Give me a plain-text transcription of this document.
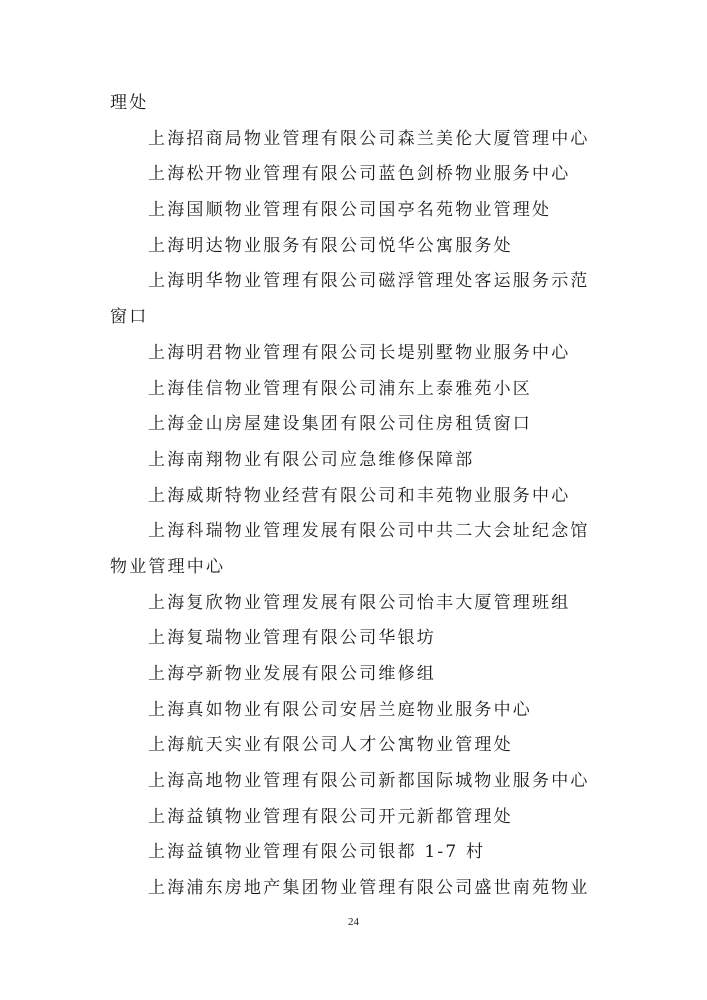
理处
上海招商局物业管理有限公司森兰美伦大厦管理中心
上海松开物业管理有限公司蓝色剑桥物业服务中心
上海国顺物业管理有限公司国亭名苑物业管理处
上海明达物业服务有限公司悦华公寓服务处
上海明华物业管理有限公司磁浮管理处客运服务示范
窗口
上海明君物业管理有限公司长堤别墅物业服务中心
上海佳信物业管理有限公司浦东上泰雅苑小区
上海金山房屋建设集团有限公司住房租赁窗口
上海南翔物业有限公司应急维修保障部
上海威斯特物业经营有限公司和丰苑物业服务中心
上海科瑞物业管理发展有限公司中共二大会址纪念馆
物业管理中心
上海复欣物业管理发展有限公司怡丰大厦管理班组
上海复瑞物业管理有限公司华银坊
上海亭新物业发展有限公司维修组
上海真如物业有限公司安居兰庭物业服务中心
上海航天实业有限公司人才公寓物业管理处
上海高地物业管理有限公司新都国际城物业服务中心
上海益镇物业管理有限公司开元新都管理处
上海益镇物业管理有限公司银都 1-7 村
上海浦东房地产集团物业管理有限公司盛世南苑物业
24
